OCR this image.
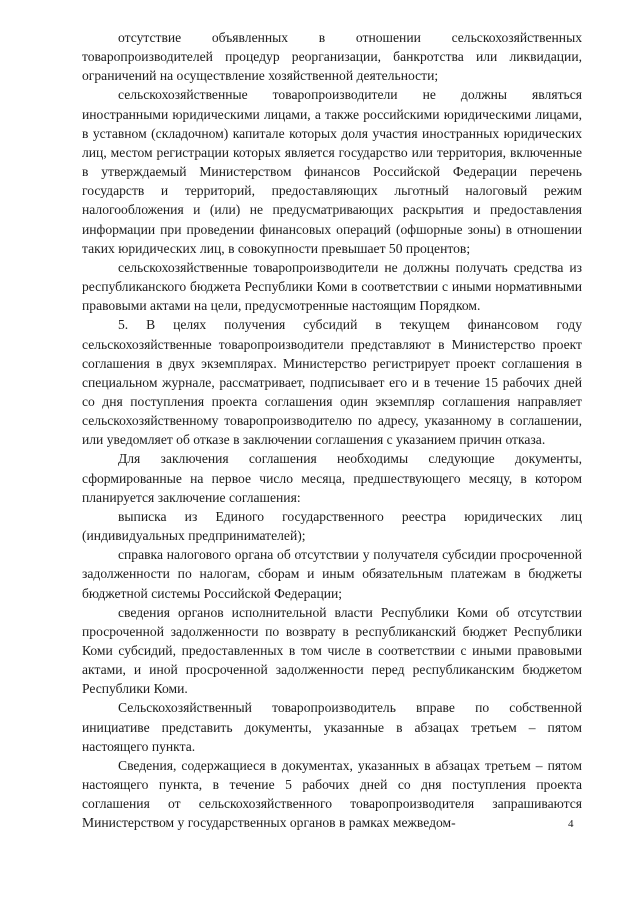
отсутствие объявленных в отношении сельскохозяйственных товаропроизводителей процедур реорганизации, банкротства или ликвидации, ограничений на осуществление хозяйственной деятельности;

сельскохозяйственные товаропроизводители не должны являться иностранными юридическими лицами, а также российскими юридическими лицами, в уставном (складочном) капитале которых доля участия иностранных юридических лиц, местом регистрации которых является государство или территория, включенные в утверждаемый Министерством финансов Российской Федерации перечень государств и территорий, предоставляющих льготный налоговый режим налогообложения и (или) не предусматривающих раскрытия и предоставления информации при проведении финансовых операций (офшорные зоны) в отношении таких юридических лиц, в совокупности превышает 50 процентов;

сельскохозяйственные товаропроизводители не должны получать средства из республиканского бюджета Республики Коми в соответствии с иными нормативными правовыми актами на цели, предусмотренные настоящим Порядком.

5. В целях получения субсидий в текущем финансовом году сельскохозяйственные товаропроизводители представляют в Министерство проект соглашения в двух экземплярах. Министерство регистрирует проект соглашения в специальном журнале, рассматривает, подписывает его и в течение 15 рабочих дней со дня поступления проекта соглашения один экземпляр соглашения направляет сельскохозяйственному товаропроизводителю по адресу, указанному в соглашении, или уведомляет об отказе в заключении соглашения с указанием причин отказа.

Для заключения соглашения необходимы следующие документы, сформированные на первое число месяца, предшествующего месяцу, в котором планируется заключение соглашения:

выписка из Единого государственного реестра юридических лиц (индивидуальных предпринимателей);

справка налогового органа об отсутствии у получателя субсидии просроченной задолженности по налогам, сборам и иным обязательным платежам в бюджеты бюджетной системы Российской Федерации;

сведения органов исполнительной власти Республики Коми об отсутствии просроченной задолженности по возврату в республиканский бюджет Республики Коми субсидий, предоставленных в том числе в соответствии с иными правовыми актами, и иной просроченной задолженности перед республиканским бюджетом Республики Коми.

Сельскохозяйственный товаропроизводитель вправе по собственной инициативе представить документы, указанные в абзацах третьем – пятом настоящего пункта.

Сведения, содержащиеся в документах, указанных в абзацах третьем – пятом настоящего пункта, в течение 5 рабочих дней со дня поступления проекта соглашения от сельскохозяйственного товаропроизводителя запрашиваются Министерством у государственных органов в рамках межведом-	4
